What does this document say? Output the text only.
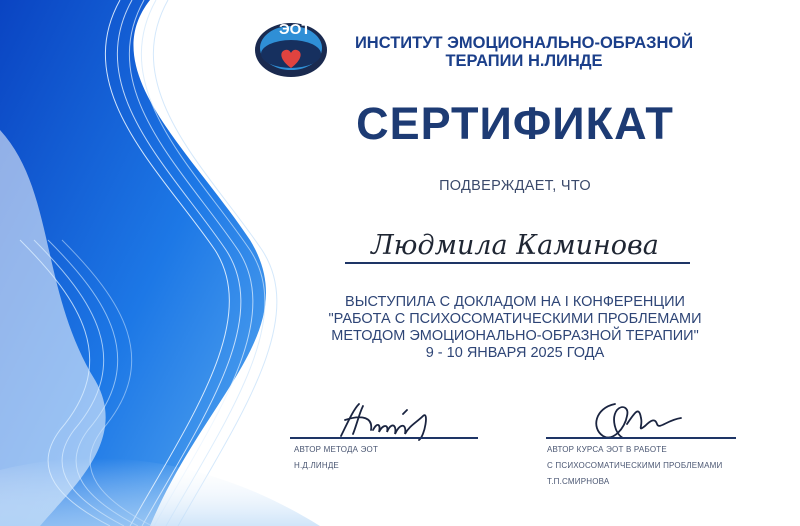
ЭОТ
ИНСТИТУТ ЭМОЦИОНАЛЬНО-ОБРАЗНОЙ
ТЕРАПИИ Н.ЛИНДЕ
СЕРТИФИКАТ
ПОДВЕРЖДАЕТ, ЧТО
Людмила Каминова
ВЫСТУПИЛА С ДОКЛАДОМ НА I КОНФЕРЕНЦИИ
"РАБОТА С ПСИХОСОМАТИЧЕСКИМИ ПРОБЛЕМАМИ
МЕТОДОМ ЭМОЦИОНАЛЬНО-ОБРАЗНОЙ ТЕРАПИИ"
9 - 10 ЯНВАРЯ 2025 ГОДА
АВТОР МЕТОДА ЭОТ
Н.Д.ЛИНДЕ
АВТОР КУРСА ЭОТ В РАБОТЕ
С ПСИХОСОМАТИЧЕСКИМИ ПРОБЛЕМАМИ
Т.П.СМИРНОВА
